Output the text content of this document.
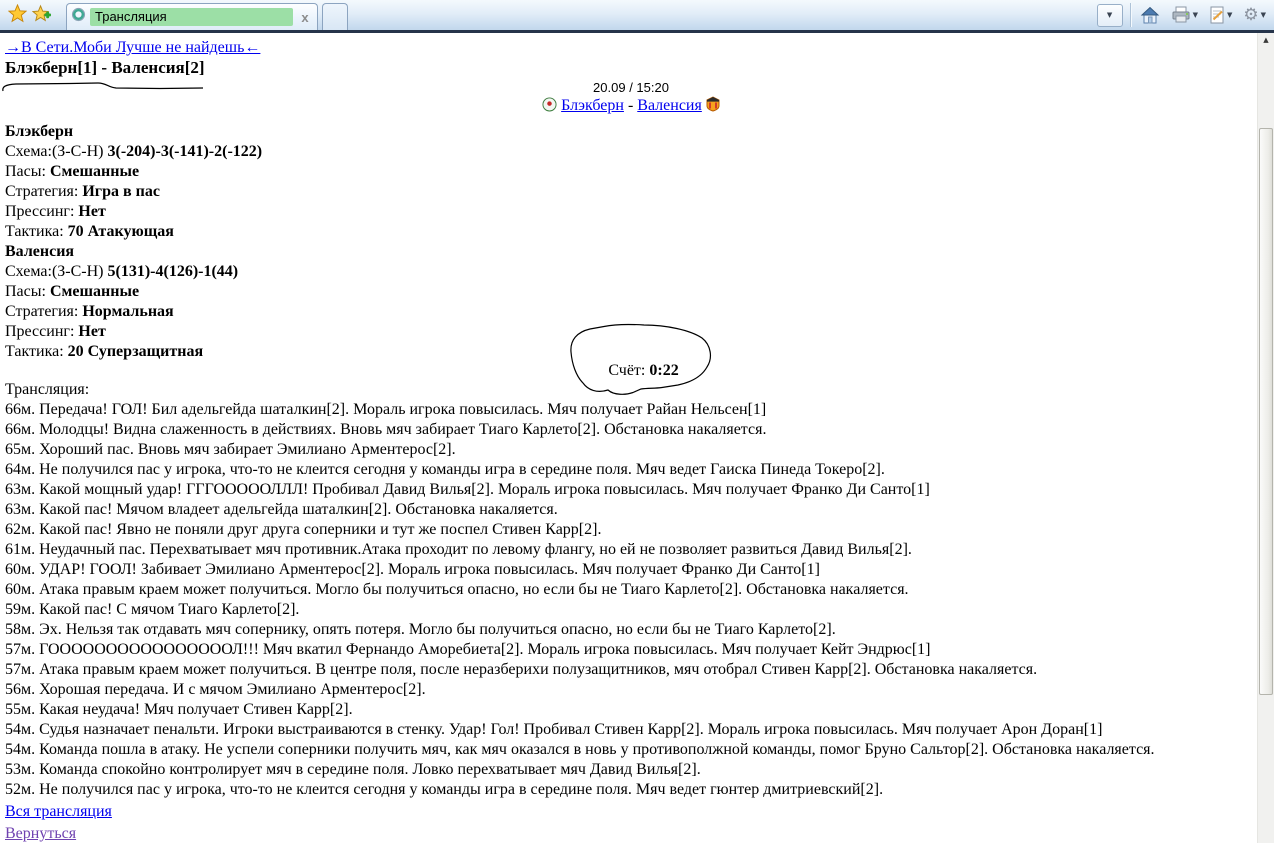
Трансляция	x	▼	▼	▼ ⚙ ▼
→В Сети.Моби Лучше не найдешь←
Блэкберн[1] - Валенсия[2]
20.09 / 15:20
Блэкберн - Валенсия
Блэкберн
Схема:(З-С-Н) 3(-204)-3(-141)-2(-122)
Пасы: Смешанные
Стратегия: Игра в пас
Прессинг: Нет
Тактика: 70 Атакующая
Валенсия
Схема:(З-С-Н) 5(131)-4(126)-1(44)
Пасы: Смешанные
Стратегия: Нормальная
Прессинг: Нет
Тактика: 20 Суперзащитная
Счёт: 0:22
Трансляция:
66м. Передача! ГОЛ! Бил адельгейда шаталкин[2]. Мораль игрока повысилась. Мяч получает Райан Нельсен[1]
66м. Молодцы! Видна слаженность в действиях. Вновь мяч забирает Тиаго Карлето[2]. Обстановка накаляется.
65м. Хороший пас. Вновь мяч забирает Эмилиано Арментерос[2].
64м. Не получился пас у игрока, что-то не клеится сегодня у команды игра в середине поля. Мяч ведет Гаиска Пинеда Токеро[2].
63м. Какой мощный удар! ГГГОООООЛЛЛ! Пробивал Давид Вилья[2]. Мораль игрока повысилась. Мяч получает Франко Ди Санто[1]
63м. Какой пас! Мячом владеет адельгейда шаталкин[2]. Обстановка накаляется.
62м. Какой пас! Явно не поняли друг друга соперники и тут же поспел Стивен Карр[2].
61м. Неудачный пас. Перехватывает мяч противник.Атака проходит по левому флангу, но ей не позволяет развиться Давид Вилья[2].
60м. УДАР! ГООЛ! Забивает Эмилиано Арментерос[2]. Мораль игрока повысилась. Мяч получает Франко Ди Санто[1]
60м. Атака правым краем может получиться. Могло бы получиться опасно, но если бы не Тиаго Карлето[2]. Обстановка накаляется.
59м. Какой пас! С мячом Тиаго Карлето[2].
58м. Эх. Нельзя так отдавать мяч сопернику, опять потеря. Могло бы получиться опасно, но если бы не Тиаго Карлето[2].
57м. ГООООООООООООООООЛ!!! Мяч вкатил Фернандо Аморебиета[2]. Мораль игрока повысилась. Мяч получает Кейт Эндрюс[1]
57м. Атака правым краем может получиться. В центре поля, после неразберихи полузащитников, мяч отобрал Стивен Карр[2]. Обстановка накаляется.
56м. Хорошая передача. И с мячом Эмилиано Арментерос[2].
55м. Какая неудача! Мяч получает Стивен Карр[2].
54м. Судья назначает пенальти. Игроки выстраиваются в стенку. Удар! Гол! Пробивал Стивен Карр[2]. Мораль игрока повысилась. Мяч получает Арон Доран[1]
54м. Команда пошла в атаку. Не успели соперники получить мяч, как мяч оказался в новь у противополжной команды, помог Бруно Сальтор[2]. Обстановка накаляется.
53м. Команда спокойно контролирует мяч в середине поля. Ловко перехватывает мяч Давид Вилья[2].
52м. Не получился пас у игрока, что-то не клеится сегодня у команды игра в середине поля. Мяч ведет гюнтер дмитриевский[2].
Вся трансляция
Вернуться
▲
